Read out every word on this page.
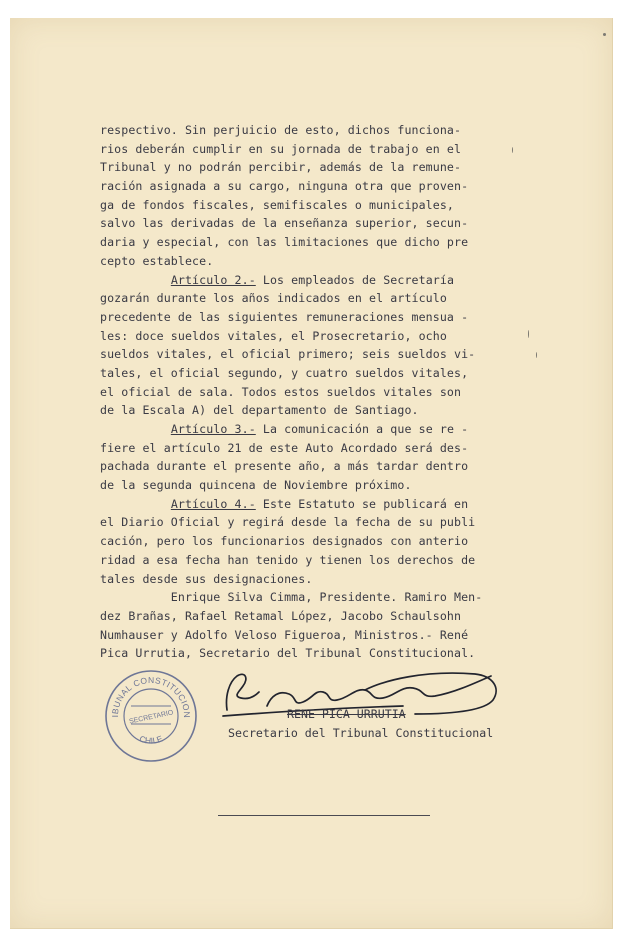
respectivo. Sin perjuicio de esto, dichos funciona-
rios deberán cumplir en su jornada de trabajo en el
Tribunal y no podrán percibir, además de la remune-
ración asignada a su cargo, ninguna otra que proven-
ga de fondos fiscales, semifiscales o municipales,
salvo las derivadas de la enseñanza superior, secun-
daria y especial, con las limitaciones que dicho pre
cepto establece.
Artículo 2.- Los empleados de Secretaría
gozarán durante los años indicados en el artículo
precedente de las siguientes remuneraciones mensua -
les: doce sueldos vitales, el Prosecretario, ocho
sueldos vitales, el oficial primero; seis sueldos vi-
tales, el oficial segundo, y cuatro sueldos vitales,
el oficial de sala. Todos estos sueldos vitales son
de la Escala A) del departamento de Santiago.
Artículo 3.- La comunicación a que se re -
fiere el artículo 21 de este Auto Acordado será des-
pachada durante el presente año, a más tardar dentro
de la segunda quincena de Noviembre próximo.
Artículo 4.- Este Estatuto se publicará en
el Diario Oficial y regirá desde la fecha de su publi
cación, pero los funcionarios designados con anterio
ridad a esa fecha han tenido y tienen los derechos de
tales desde sus designaciones.
Enrique Silva Cimma, Presidente. Ramiro Men-
dez Brañas, Rafael Retamal López, Jacobo Schaulsohn
Numhauser y Adolfo Veloso Figueroa, Ministros.- René
Pica Urrutia, Secretario del Tribunal Constitucional.
IBUNAL CONSTITUCION
CHILE
SECRETARIO	RENE PICA URRUTIA
Secretario del Tribunal Constitucional
